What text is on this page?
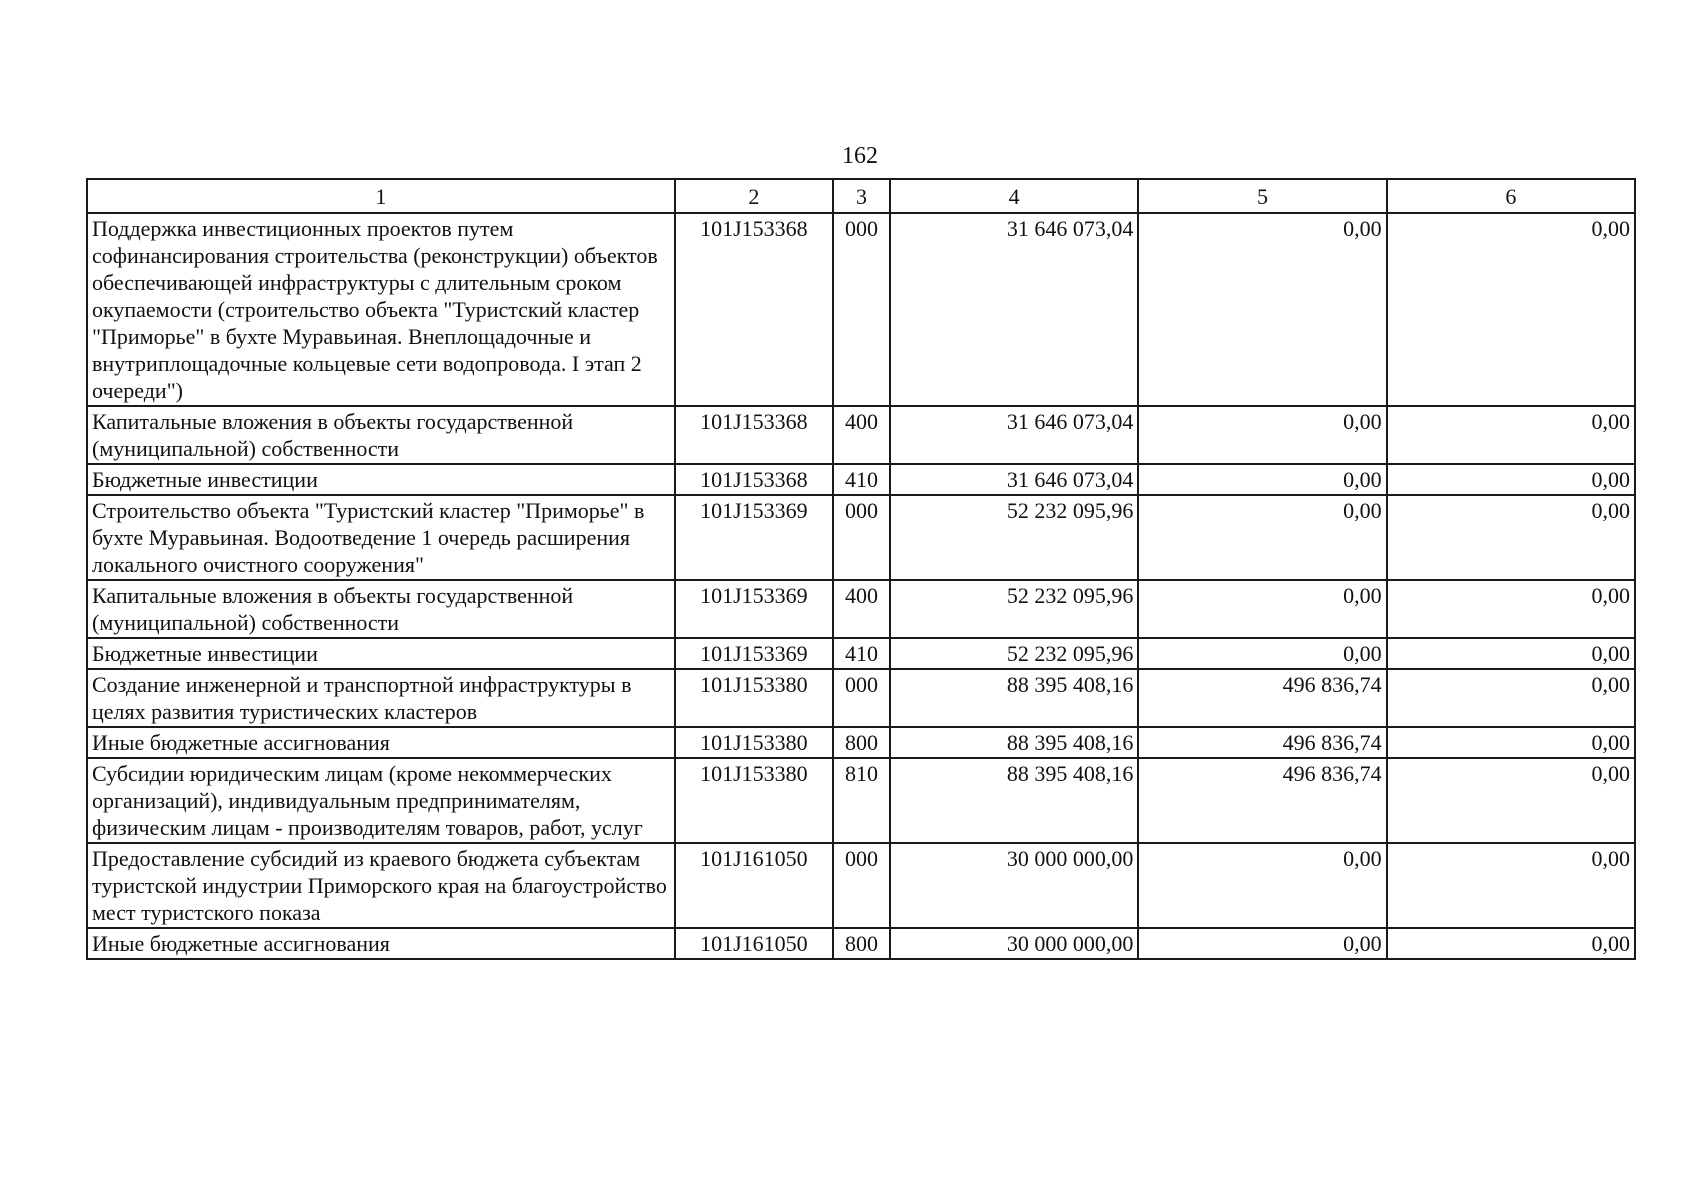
162
1	2	3	4	5	6
Поддержка инвестиционных проектов путем софинансирования строительства (реконструкции) объектов обеспечивающей инфраструктуры с длительным сроком окупаемости (строительство объекта "Туристский кластер "Приморье" в бухте Муравьиная. Внеплощадочные и внутриплощадочные кольцевые сети водопровода. I этап 2 очереди")	101J153368	000	31 646 073,04	0,00	0,00
Капитальные вложения в объекты государственной (муниципальной) собственности	101J153368	400	31 646 073,04	0,00	0,00
Бюджетные инвестиции	101J153368	410	31 646 073,04	0,00	0,00
Строительство объекта "Туристский кластер "Приморье" в бухте Муравьиная. Водоотведение 1 очередь расширения локального очистного сооружения"	101J153369	000	52 232 095,96	0,00	0,00
Капитальные вложения в объекты государственной (муниципальной) собственности	101J153369	400	52 232 095,96	0,00	0,00
Бюджетные инвестиции	101J153369	410	52 232 095,96	0,00	0,00
Создание инженерной и транспортной инфраструктуры в целях развития туристических кластеров	101J153380	000	88 395 408,16	496 836,74	0,00
Иные бюджетные ассигнования	101J153380	800	88 395 408,16	496 836,74	0,00
Субсидии юридическим лицам (кроме некоммерческих организаций), индивидуальным предпринимателям, физическим лицам - производителям товаров, работ, услуг	101J153380	810	88 395 408,16	496 836,74	0,00
Предоставление субсидий из краевого бюджета субъектам туристской индустрии Приморского края на благоустройство мест туристского показа	101J161050	000	30 000 000,00	0,00	0,00
Иные бюджетные ассигнования	101J161050	800	30 000 000,00	0,00	0,00
